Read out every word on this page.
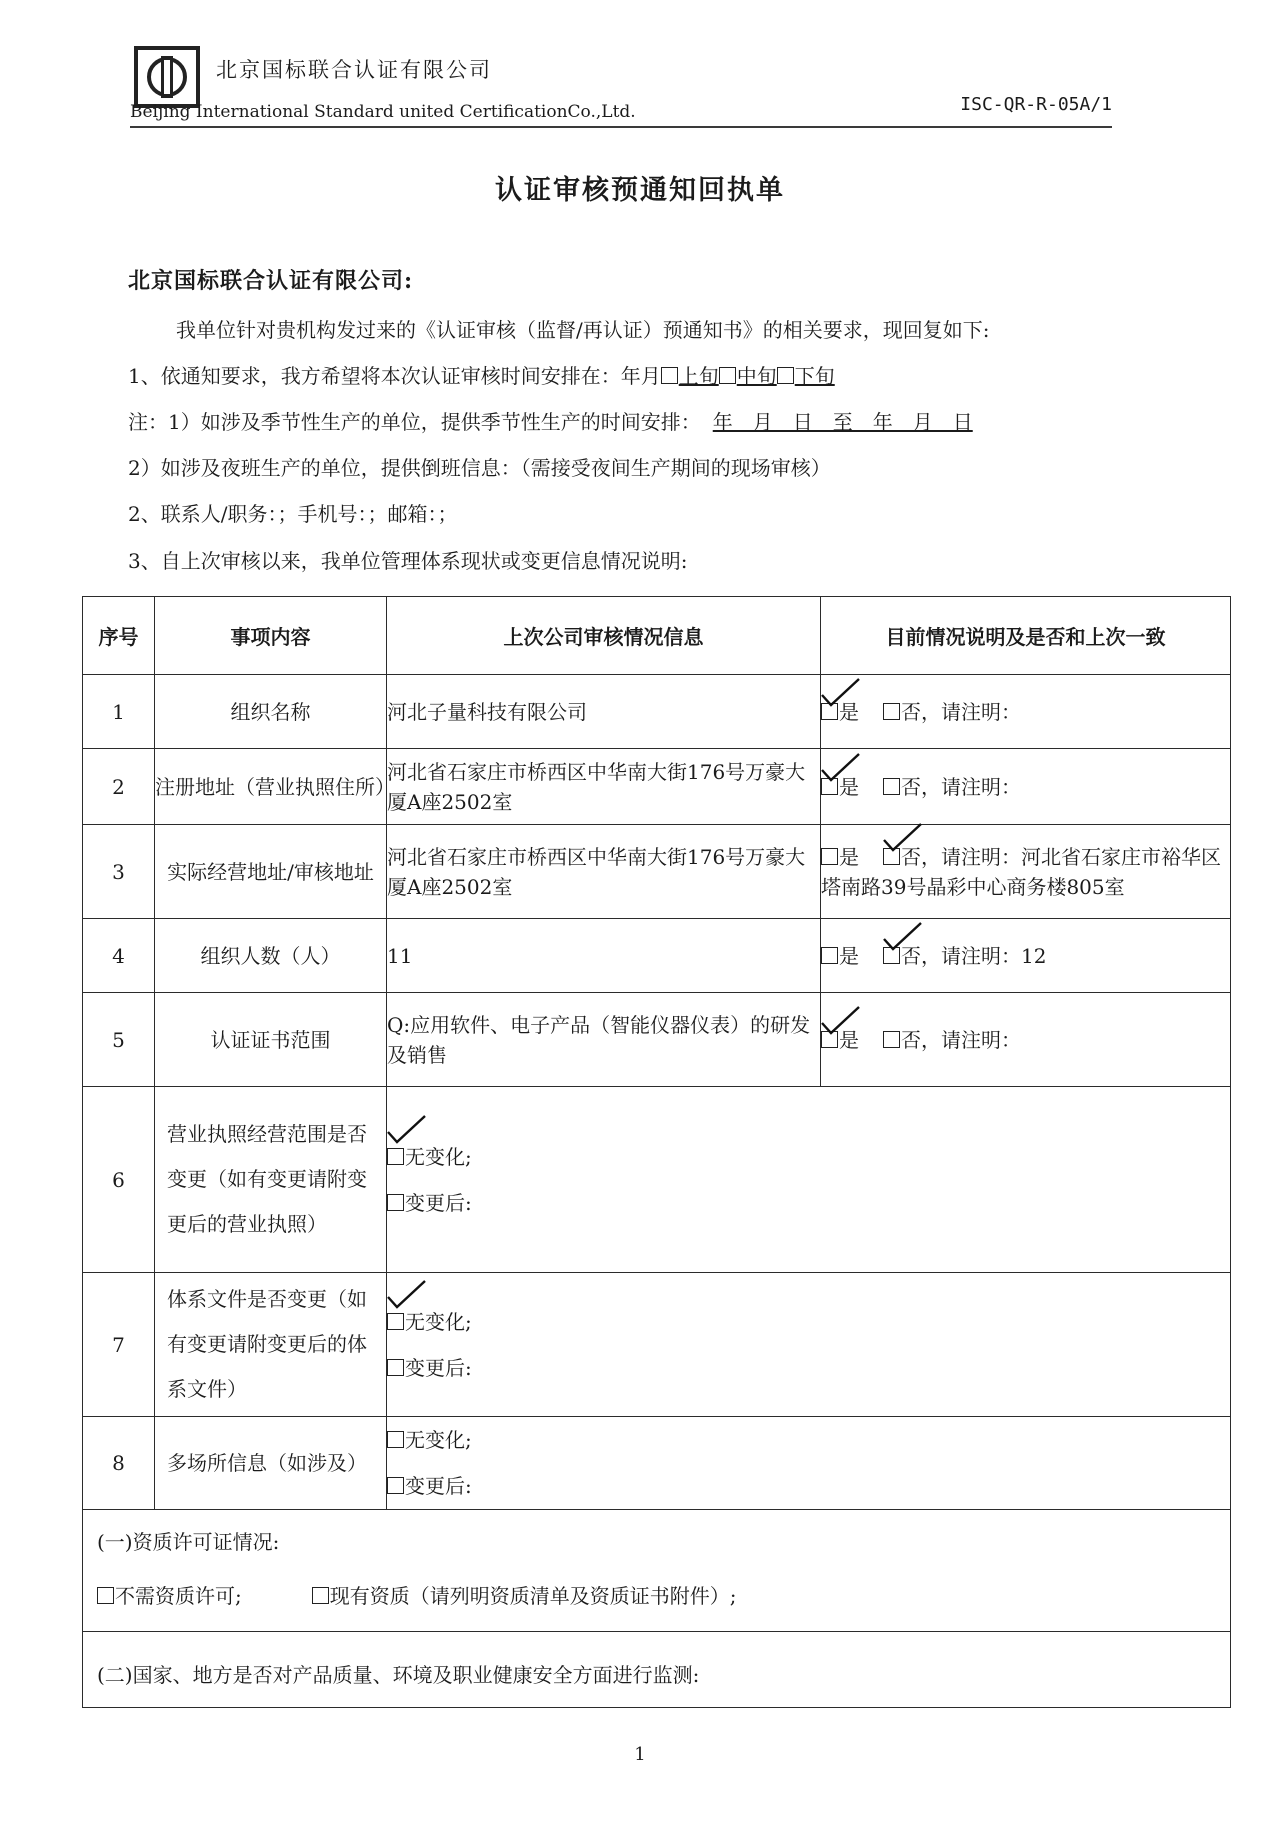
北京国标联合认证有限公司
Beijing International Standard united CertificationCo.,Ltd.	ISC-QR-R-05A/1
认证审核预通知回执单
北京国标联合认证有限公司:
我单位针对贵机构发过来的《认证审核（监督/再认证）预通知书》的相关要求，现回复如下:
1、依通知要求，我方希望将本次认证审核时间安排在：年月 上旬 中旬 下旬
注：1）如涉及季节性生产的单位，提供季节性生产的时间安排： 年　月　日　至　年　月　日
2）如涉及夜班生产的单位，提供倒班信息：（需接受夜间生产期间的现场审核）
2、联系人/职务：；手机号：；邮箱：；
3、自上次审核以来，我单位管理体系现状或变更信息情况说明:
序号	事项内容	上次公司审核情况信息	目前情况说明及是否和上次一致
1	组织名称	河北子量科技有限公司	是 否，请注明：
2	注册地址（营业执照住所）	河北省石家庄市桥西区中华南大街176号万豪大厦A座2502室	是 否，请注明：
3	实际经营地址/审核地址	河北省石家庄市桥西区中华南大街176号万豪大厦A座2502室	是 否，请注明：河北省石家庄市裕华区塔南路39号晶彩中心商务楼805室
4	组织人数（人）	11	是 否，请注明：12
5	认证证书范围	Q:应用软件、电子产品（智能仪器仪表）的研发及销售	是 否，请注明：
6	营业执照经营范围是否变更（如有变更请附变更后的营业执照）	无变化;
变更后:	

7	体系文件是否变更（如有变更请附变更后的体系文件）	无变化;
变更后:	

8	多场所信息（如涉及）	无变化;
变更后:	

(一)资质许可证情况:
不需资质许可; 现有资质（请列明资质清单及资质证书附件）;			

(二)国家、地方是否对产品质量、环境及职业健康安全方面进行监测:			
1
